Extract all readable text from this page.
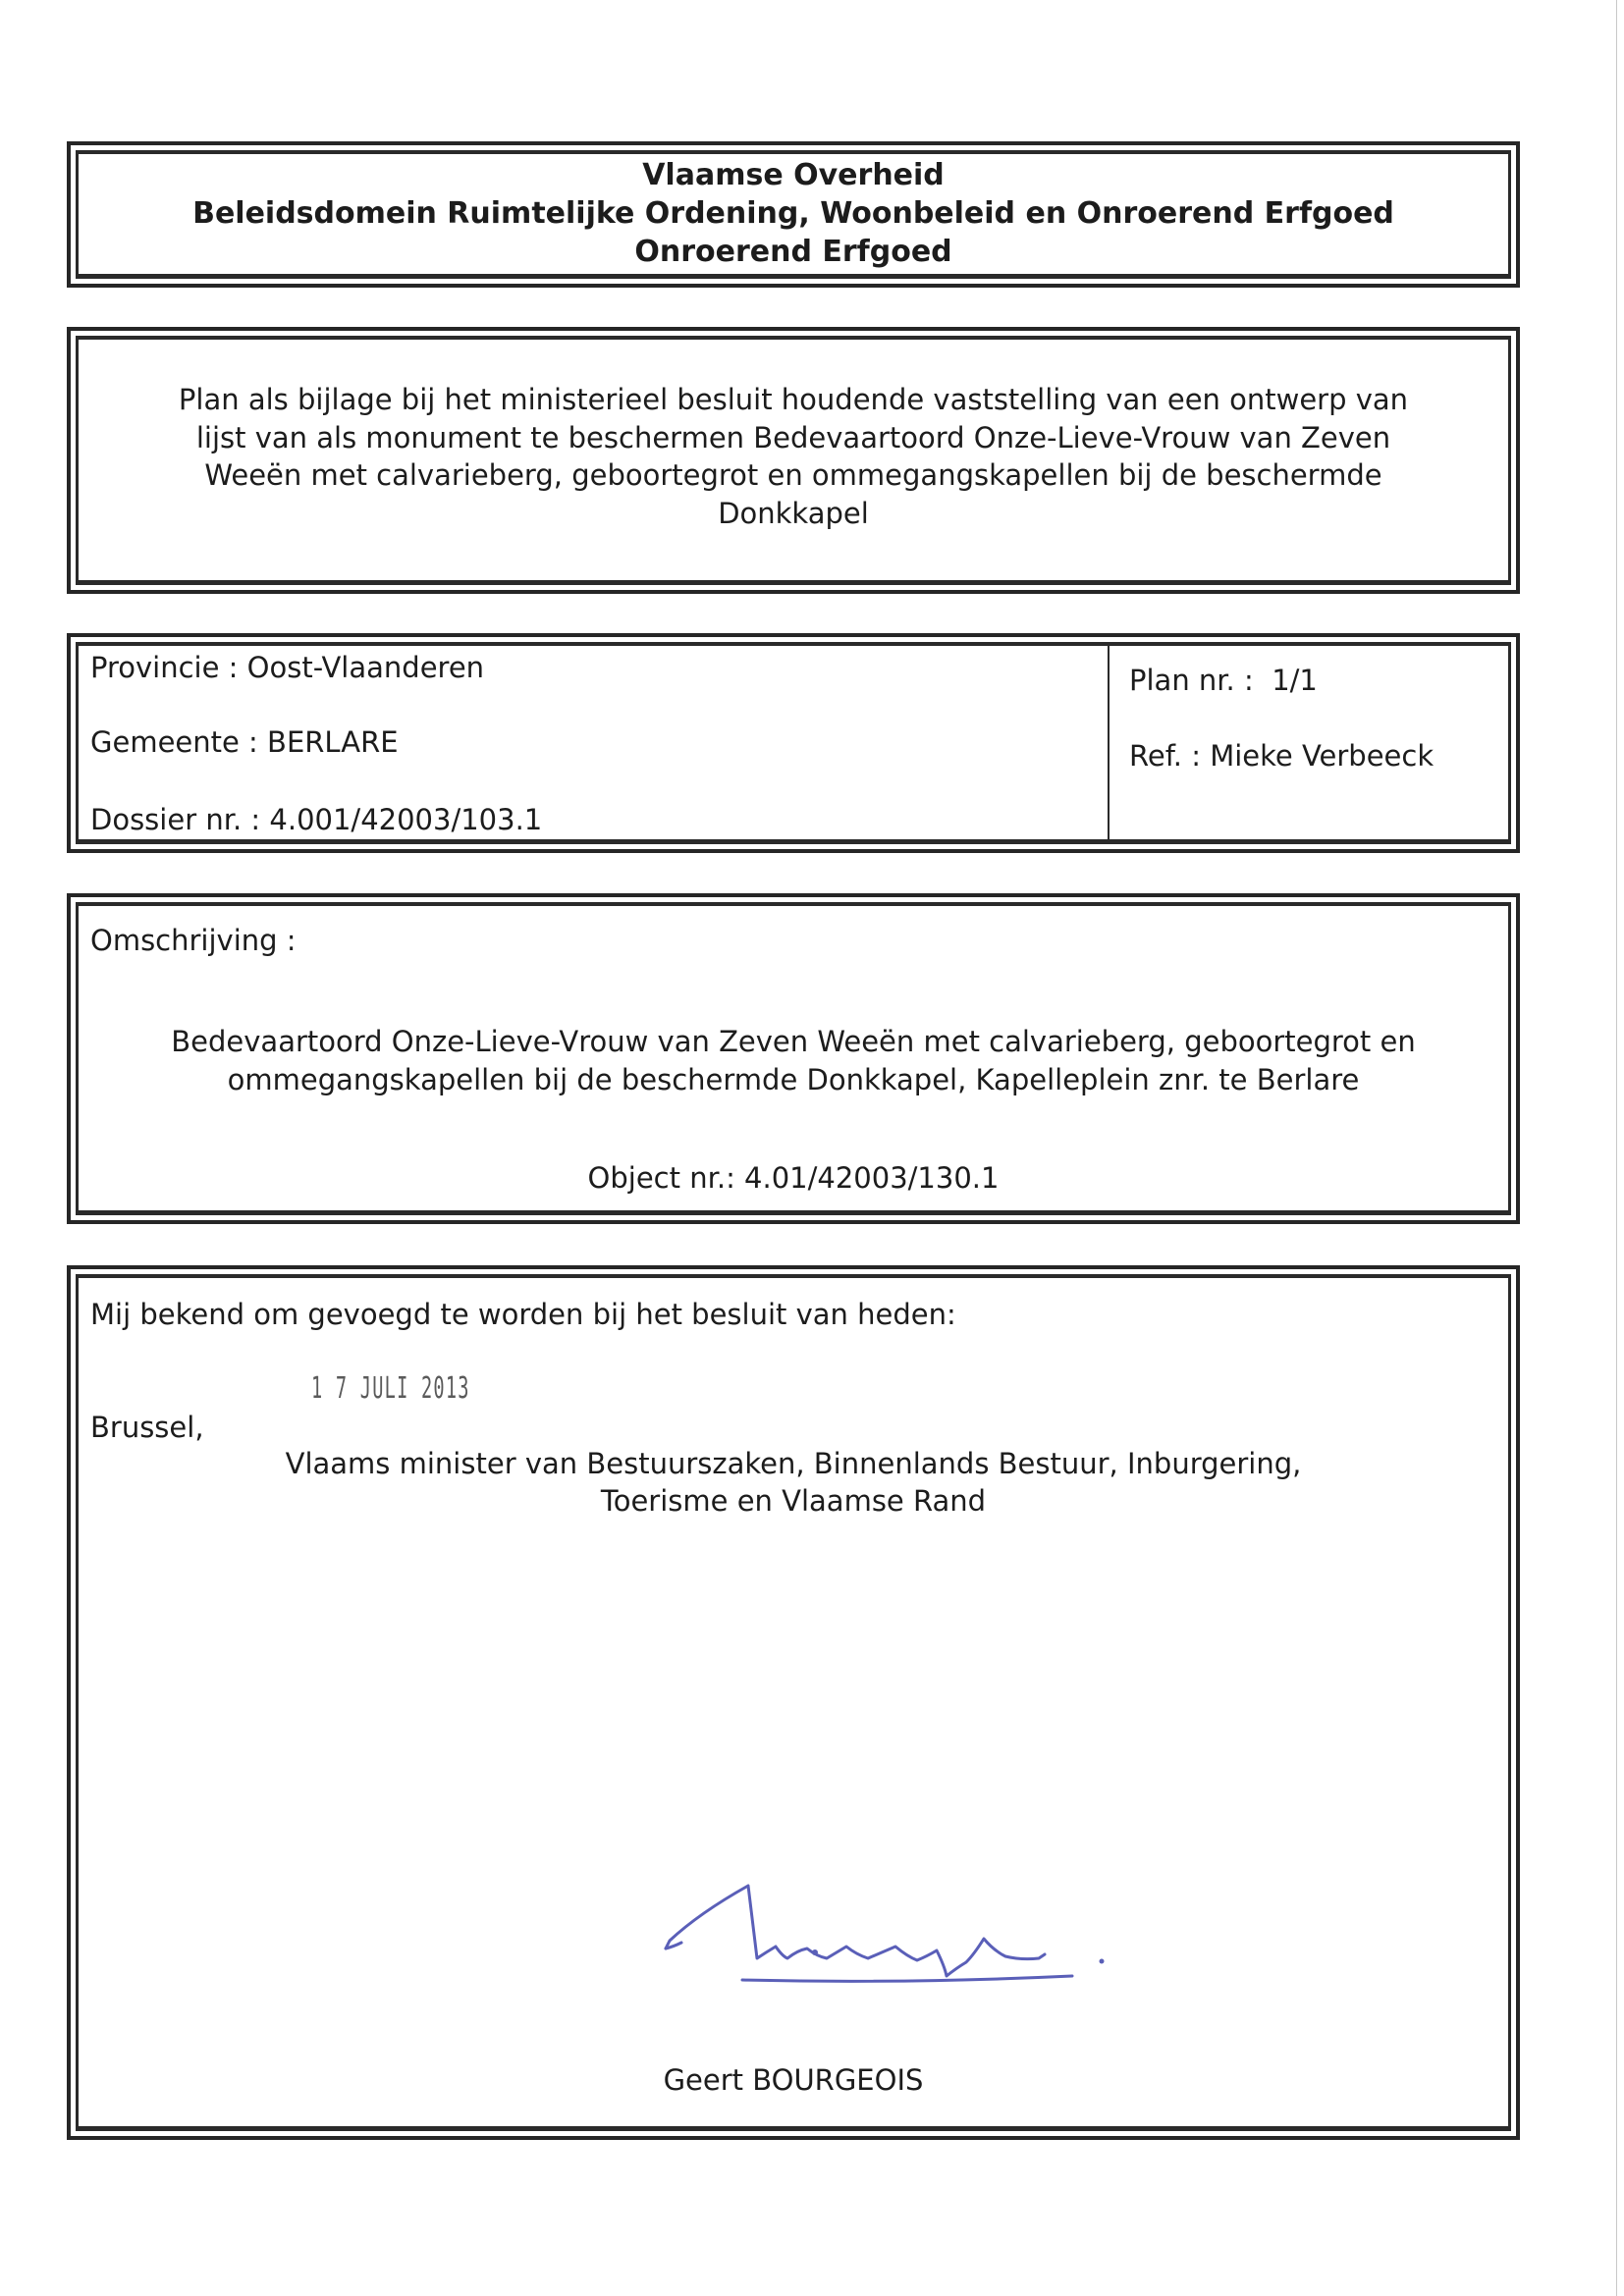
Vlaamse Overheid
Beleidsdomein Ruimtelijke Ordening, Woonbeleid en Onroerend Erfgoed
Onroerend Erfgoed
Plan als bijlage bij het ministerieel besluit houdende vaststelling van een ontwerp van
lijst van als monument te beschermen Bedevaartoord Onze-Lieve-Vrouw van Zeven
Weeën met calvarieberg, geboortegrot en ommegangskapellen bij de beschermde
Donkkapel
Provincie : Oost-Vlaanderen
Gemeente : BERLARE
Dossier nr. : 4.001/42003/103.1
Plan nr. :  1/1
Ref. : Mieke Verbeeck
Omschrijving :
Bedevaartoord Onze-Lieve-Vrouw van Zeven Weeën met calvarieberg, geboortegrot en
ommegangskapellen bij de beschermde Donkkapel, Kapelleplein znr. te Berlare
Object nr.: 4.01/42003/130.1
Mij bekend om gevoegd te worden bij het besluit van heden:
1 7 JULI 2013
Brussel,
Vlaams minister van Bestuurszaken, Binnenlands Bestuur, Inburgering,
Toerisme en Vlaamse Rand
Geert BOURGEOIS
